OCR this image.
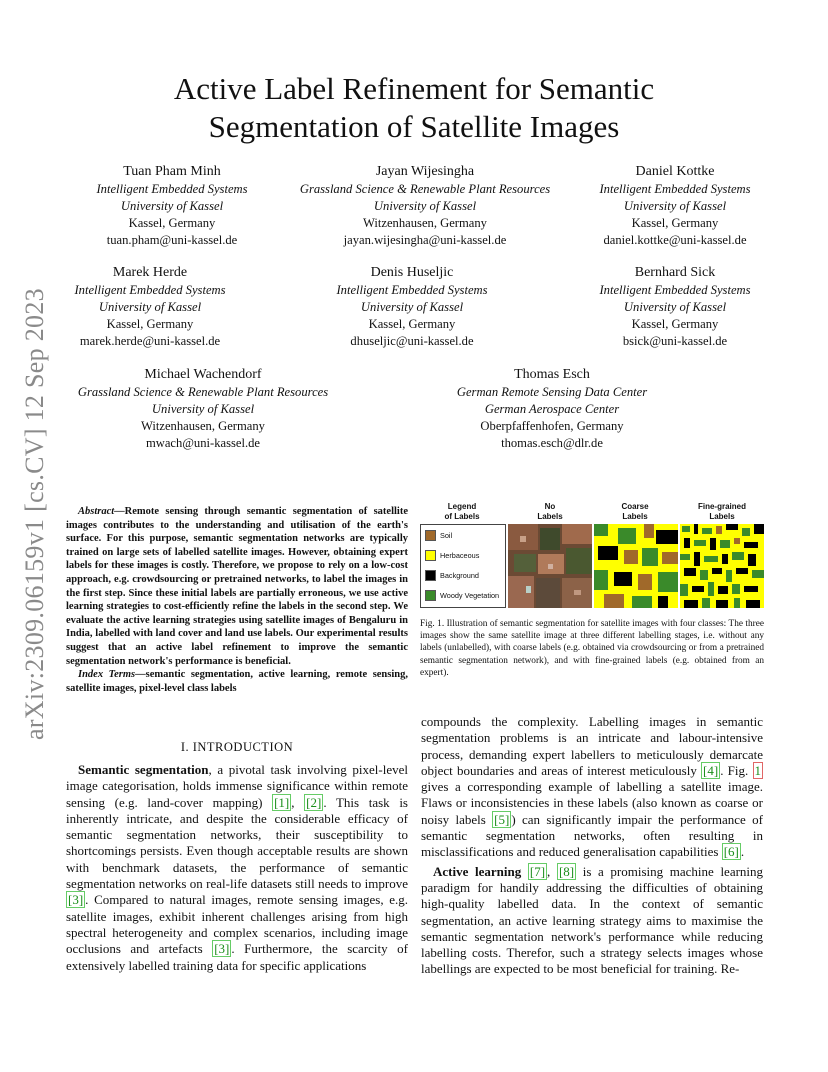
arXiv:2309.06159v1 [cs.CV] 12 Sep 2023
Active Label Refinement for Semantic
Segmentation of Satellite Images
Tuan Pham Minh
Intelligent Embedded Systems
University of Kassel
Kassel, Germany
tuan.pham@uni-kassel.de
Jayan Wijesingha
Grassland Science & Renewable Plant Resources
University of Kassel
Witzenhausen, Germany
jayan.wijesingha@uni-kassel.de
Daniel Kottke
Intelligent Embedded Systems
University of Kassel
Kassel, Germany
daniel.kottke@uni-kassel.de
Marek Herde
Intelligent Embedded Systems
University of Kassel
Kassel, Germany
marek.herde@uni-kassel.de
Denis Huseljic
Intelligent Embedded Systems
University of Kassel
Kassel, Germany
dhuseljic@uni-kassel.de
Bernhard Sick
Intelligent Embedded Systems
University of Kassel
Kassel, Germany
bsick@uni-kassel.de
Michael Wachendorf
Grassland Science & Renewable Plant Resources
University of Kassel
Witzenhausen, Germany
mwach@uni-kassel.de
Thomas Esch
German Remote Sensing Data Center
German Aerospace Center
Oberpfaffenhofen, Germany
thomas.esch@dlr.de
Abstract—Remote sensing through semantic segmentation of satellite images contributes to the understanding and utilisation of the earth's surface. For this purpose, semantic segmentation networks are typically trained on large sets of labelled satellite images. However, obtaining expert labels for these images is costly. Therefore, we propose to rely on a low-cost approach, e.g. crowdsourcing or pretrained networks, to label the images in the first step. Since these initial labels are partially erroneous, we use active learning strategies to cost-efficiently refine the labels in the second step. We evaluate the active learning strategies using satellite images of Bengaluru in India, labelled with land cover and land use labels. Our experimental results suggest that an active label refinement to improve the semantic segmentation network's performance is beneficial.
Index Terms—semantic segmentation, active learning, remote sensing, satellite images, pixel-level class labels
I. INTRODUCTION

Semantic segmentation, a pivotal task involving pixel-level image categorisation, holds immense significance within remote sensing (e.g. land-cover mapping) [1] , [2] . This task is inherently intricate, and despite the considerable efficacy of semantic segmentation networks, their susceptibility to shortcomings persists. Even though acceptable results are shown with benchmark datasets, the performance of semantic segmentation networks on real-life datasets still needs to improve [3] . Compared to natural images, remote sensing images, e.g. satellite images, exhibit inherent challenges arising from high spectral heterogeneity and complex scenarios, including image occlusions and artefacts [3] . Furthermore, the scarcity of extensively labelled training data for specific applications

Legend
of Labels
No
Labels
Coarse
Labels
Fine-grained
Labels
Soil
Herbaceous
Background
Woody Vegetation
Fig. 1. Illustration of semantic segmentation for satellite images with four classes: The three images show the same satellite image at three different labelling stages, i.e. without any labels (unlabelled), with coarse labels (e.g. obtained via crowdsourcing or from a pretrained semantic segmentation network), and with fine-grained labels (e.g. obtained from an expert).

compounds the complexity. Labelling images in semantic segmentation problems is an intricate and labour-intensive process, demanding expert labellers to meticulously demarcate object boundaries and areas of interest meticulously [4] . Fig. 1 gives a corresponding example of labelling a satellite image. Flaws or inconsistencies in these labels (also known as coarse or noisy labels [5] ) can significantly impair the performance of semantic segmentation networks, often resulting in misclassifications and reduced generalisation capabilities [6] .

Active learning [7] , [8] is a promising machine learning paradigm for handily addressing the difficulties of obtaining high-quality labelled data. In the context of semantic segmentation, an active learning strategy aims to maximise the semantic segmentation network's performance while reducing labelling costs. Therefor, such a strategy selects images whose labellings are expected to be most beneficial for training. Re-
